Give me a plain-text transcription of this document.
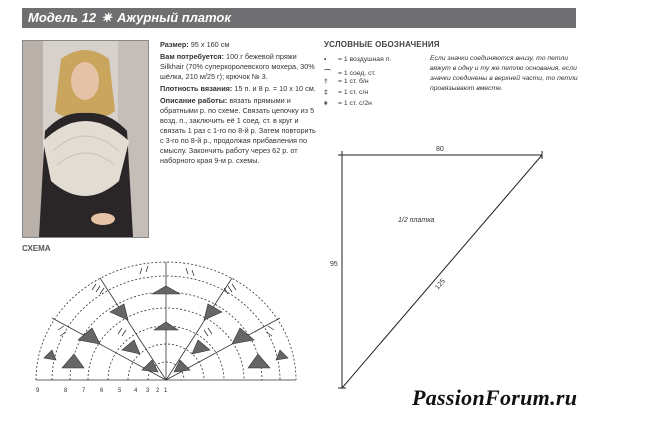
Модель 12 ✷ Ажурный платок

Размер: 95 х 160 см

Вам потребуется: 100 г бежевой пряжи Silkhair (70% суперкоролевского мохера, 30% шёлка, 210 м/25 г); крючок № 3.

Плотность вязания: 15 п. и 8 р. = 10 х 10 см.

Описание работы: вязать прямыми и обратными р. по схеме. Связать цепочку из 5 возд. п., заключить её 1 соед. ст. в круг и связать 1 раз с 1-го по 8-й р. Затем повторить с 3-го по 8-й р., продолжая прибавления по смыслу. Закончить работу через 62 р. от наборного края 9-м р. схемы.

УСЛОВНЫЕ ОБОЗНАЧЕНИЯ
• = 1 воздушная п.
⌒ = 1 соед. ст.
† = 1 ст. б/н
‡ = 1 ст. с/н
⧧ = 1 ст. с/2н
Если значки соединяются внизу, то петли вяжут в одну и ту же петлю основания, если значки соединены в верхней части, то петли провязывают вместе.
80
95
125
1/2 платка
СХЕМА
9	8 7 6 5 4 3 2 1	PassionForum.ru
